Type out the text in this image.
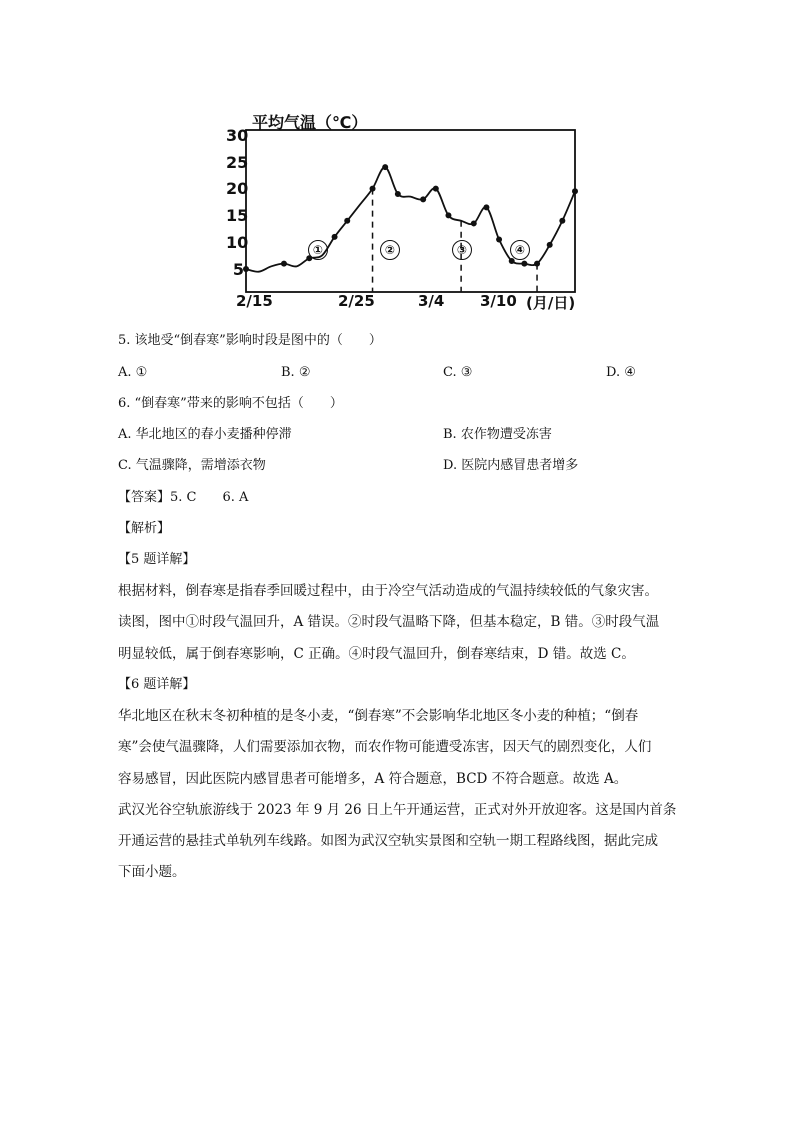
平均气温（℃）
30
25
20
15
10
5
2/15	2/25	3/4 3/10 (月/日)
①	②	③	④
5. 该地受“倒春寒”影响时段是图中的（　　）
A. ①	B. ②	C. ③	D. ④
6. “倒春寒”带来的影响不包括（　　）
A. 华北地区的春小麦播种停滞	B. 农作物遭受冻害
C. 气温骤降，需增添衣物	D. 医院内感冒患者增多
【答案】5. C　　6. A
【解析】
【5 题详解】
根据材料，倒春寒是指春季回暖过程中，由于冷空气活动造成的气温持续较低的气象灾害。
读图，图中①时段气温回升，A 错误。②时段气温略下降，但基本稳定，B 错。③时段气温
明显较低，属于倒春寒影响，C 正确。④时段气温回升，倒春寒结束，D 错。故选 C。
【6 题详解】
华北地区在秋末冬初种植的是冬小麦，“倒春寒”不会影响华北地区冬小麦的种植；“倒春
寒”会使气温骤降，人们需要添加衣物，而农作物可能遭受冻害，因天气的剧烈变化，人们
容易感冒，因此医院内感冒患者可能增多，A 符合题意，BCD 不符合题意。故选 A。
武汉光谷空轨旅游线于 2023 年 9 月 26 日上午开通运营，正式对外开放迎客。这是国内首条
开通运营的悬挂式单轨列车线路。如图为武汉空轨实景图和空轨一期工程路线图，据此完成
下面小题。
